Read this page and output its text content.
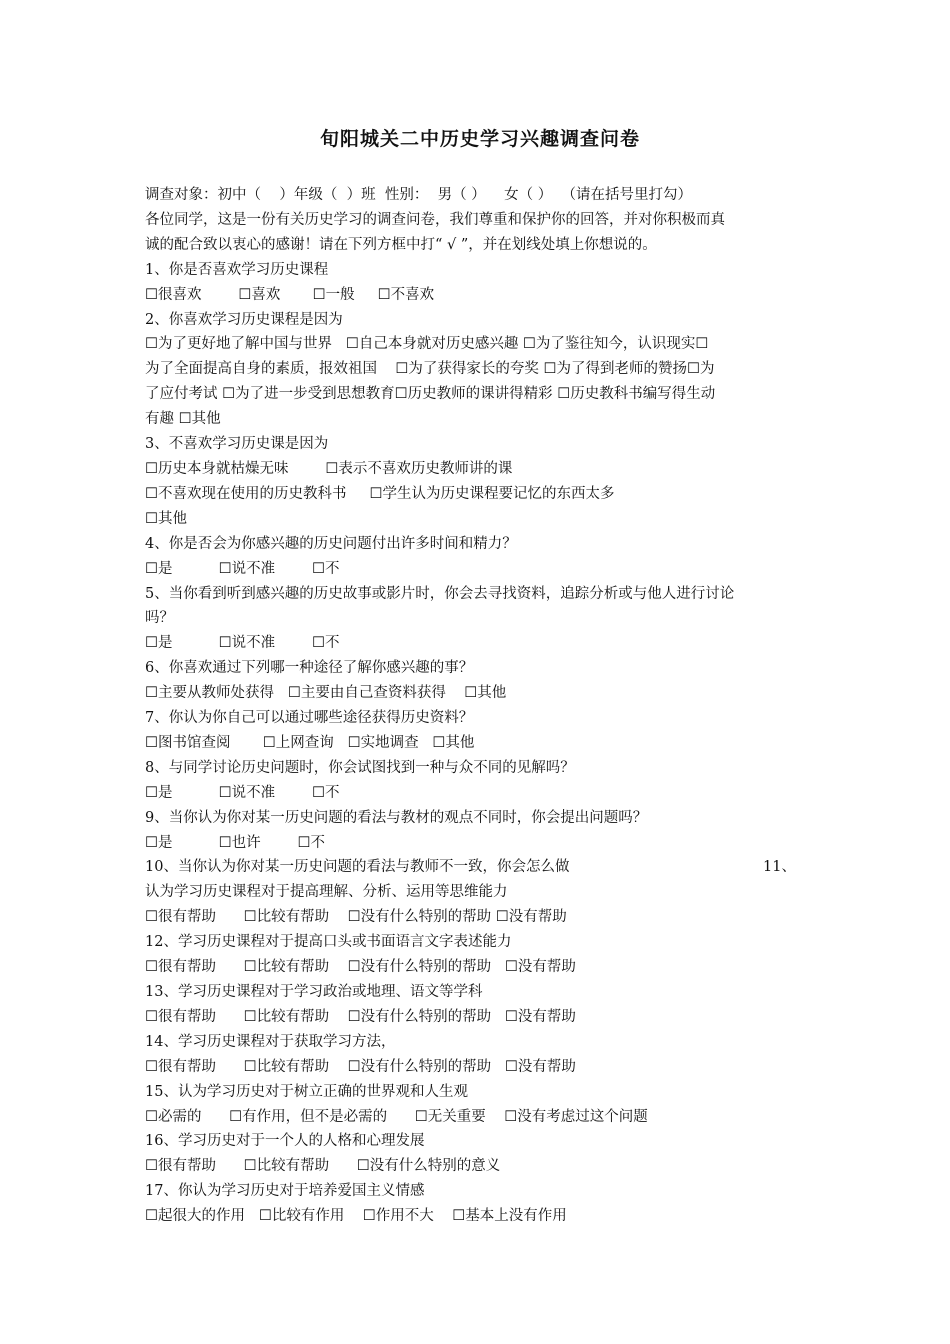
旬阳城关二中历史学习兴趣调查问卷
调查对象：初中（    ）年级（  ）班  性别：  男（ ）    女（ ）  （请在括号里打勾）
各位同学，这是一份有关历史学习的调查问卷，我们尊重和保护你的回答，并对你积极而真
诚的配合致以衷心的感谢！请在下列方框中打“ √ ”，并在划线处填上你想说的。
1、你是否喜欢学习历史课程
☐很喜欢        ☐喜欢       ☐一般     ☐不喜欢
2、你喜欢学习历史课程是因为
☐为了更好地了解中国与世界   ☐自己本身就对历史感兴趣 ☐为了鉴往知今，认识现实☐
为了全面提高自身的素质，报效祖国    ☐为了获得家长的夸奖 ☐为了得到老师的赞扬☐为
了应付考试 ☐为了进一步受到思想教育☐历史教师的课讲得精彩 ☐历史教科书编写得生动
有趣 ☐其他
3、不喜欢学习历史课是因为
☐历史本身就枯燥无味        ☐表示不喜欢历史教师讲的课
☐不喜欢现在使用的历史教科书     ☐学生认为历史课程要记忆的东西太多
☐其他
4、你是否会为你感兴趣的历史问题付出许多时间和精力？
☐是          ☐说不准        ☐不
5、当你看到听到感兴趣的历史故事或影片时，你会去寻找资料，追踪分析或与他人进行讨论
吗？
☐是          ☐说不准        ☐不
6、你喜欢通过下列哪一种途径了解你感兴趣的事？
☐主要从教师处获得   ☐主要由自己查资料获得    ☐其他
7、你认为你自己可以通过哪些途径获得历史资料？
☐图书馆查阅       ☐上网查询   ☐实地调查   ☐其他
8、与同学讨论历史问题时，你会试图找到一种与众不同的见解吗？
☐是          ☐说不准        ☐不
9、当你认为你对某一历史问题的看法与教材的观点不同时，你会提出问题吗？
☐是          ☐也许        ☐不
10、当你认为你对某一历史问题的看法与教师不一致，你会怎么做                                          11、
认为学习历史课程对于提高理解、分析、运用等思维能力
☐很有帮助      ☐比较有帮助    ☐没有什么特别的帮助 ☐没有帮助
12、学习历史课程对于提高口头或书面语言文字表述能力
☐很有帮助      ☐比较有帮助    ☐没有什么特别的帮助   ☐没有帮助
13、学习历史课程对于学习政治或地理、语文等学科
☐很有帮助      ☐比较有帮助    ☐没有什么特别的帮助   ☐没有帮助
14、学习历史课程对于获取学习方法，
☐很有帮助      ☐比较有帮助    ☐没有什么特别的帮助   ☐没有帮助
15、认为学习历史对于树立正确的世界观和人生观
☐必需的      ☐有作用，但不是必需的      ☐无关重要    ☐没有考虑过这个问题
16、学习历史对于一个人的人格和心理发展
☐很有帮助      ☐比较有帮助      ☐没有什么特别的意义
17、你认为学习历史对于培养爱国主义情感
☐起很大的作用   ☐比较有作用    ☐作用不大    ☐基本上没有作用
